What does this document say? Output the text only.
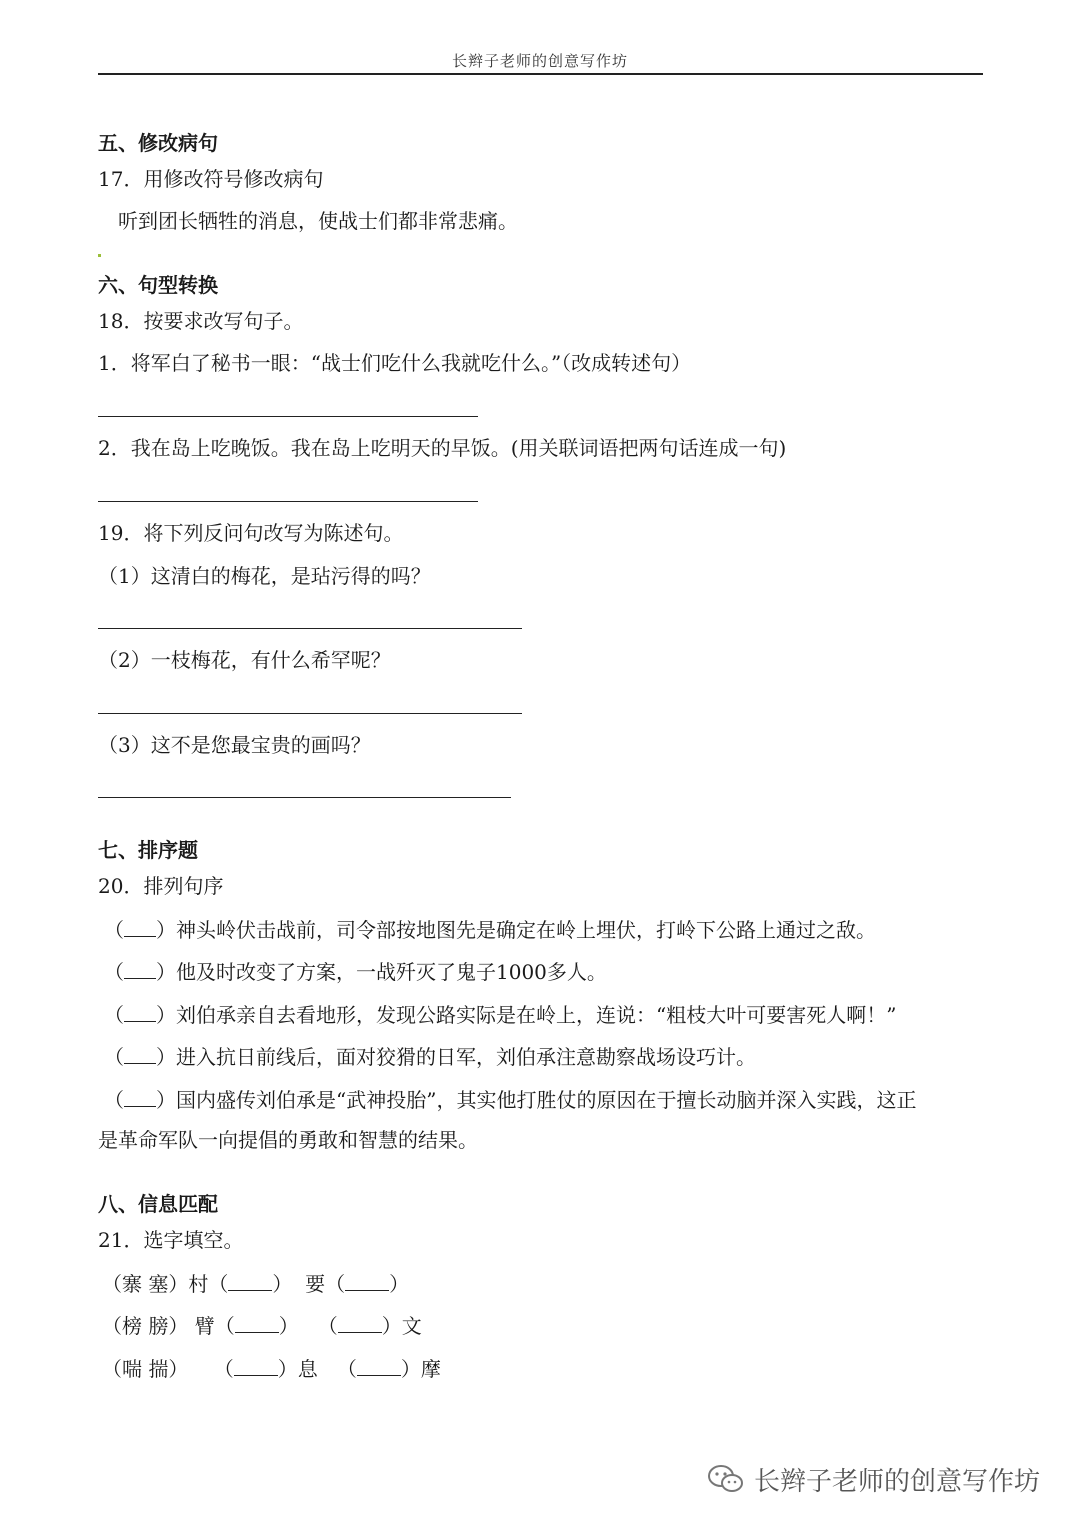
长辫子老师的创意写作坊
五、修改病句
17．用修改符号修改病句
听到团长牺牲的消息，使战士们都非常悲痛。
六、句型转换
18．按要求改写句子。
1．将军白了秘书一眼：“战士们吃什么我就吃什么。”（改成转述句）
2．我在岛上吃晚饭。我在岛上吃明天的早饭。(用关联词语把两句话连成一句)
19．将下列反问句改写为陈述句。
（1）这清白的梅花，是玷污得的吗？
（2）一枝梅花，有什么希罕呢？
（3）这不是您最宝贵的画吗？
七、排序题
20．排列句序
（ ）神头岭伏击战前，司令部按地图先是确定在岭上埋伏，打岭下公路上通过之敌。
（ ）他及时改变了方案，一战歼灭了鬼子1000多人。
（ ）刘伯承亲自去看地形，发现公路实际是在岭上，连说：“粗枝大叶可要害死人啊！”
（ ）进入抗日前线后，面对狡猾的日军，刘伯承注意勘察战场设巧计。
（ ）国内盛传刘伯承是“武神投胎”，其实他打胜仗的原因在于擅长动脑并深入实践，这正
是革命军队一向提倡的勇敢和智慧的结果。
八、信息匹配
21．选字填空。
（寨 塞）村（ ） 要（ ）
（榜 膀） 臂（ ） （ ）文
（喘 揣） （ ）息 （ ）摩
长辫子老师的创意写作坊
